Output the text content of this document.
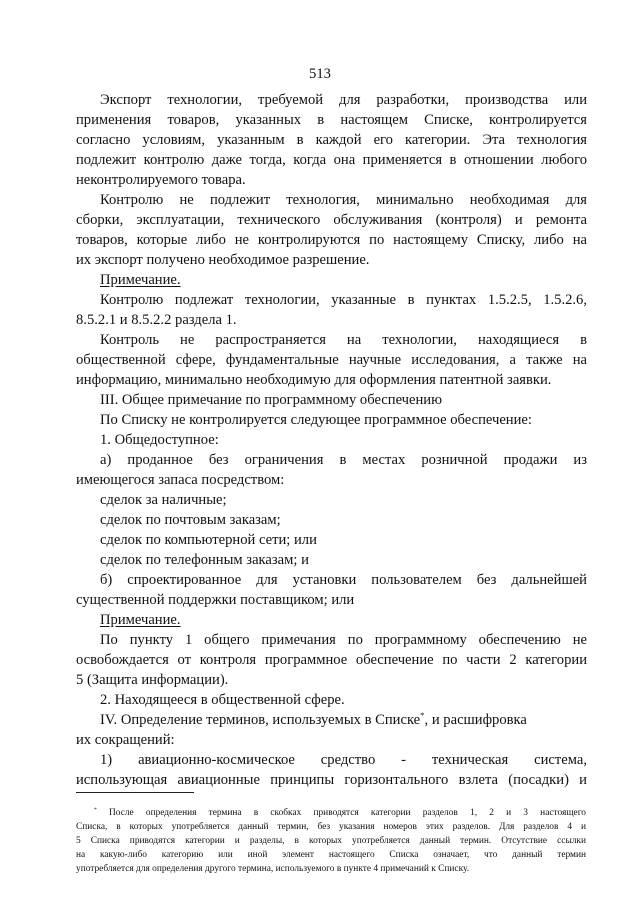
513
Экспорт технологии, требуемой для разработки, производства или
применения товаров, указанных в настоящем Списке, контролируется
согласно условиям, указанным в каждой его категории. Эта технология
подлежит контролю даже тогда, когда она применяется в отношении любого
неконтролируемого товара.
Контролю не подлежит технология, минимально необходимая для
сборки, эксплуатации, технического обслуживания (контроля) и ремонта
товаров, которые либо не контролируются по настоящему Списку, либо на
их экспорт получено необходимое разрешение.
Примечание.
Контролю подлежат технологии, указанные в пунктах 1.5.2.5, 1.5.2.6,
8.5.2.1 и 8.5.2.2 раздела 1.
Контроль не распространяется на технологии, находящиеся в
общественной сфере, фундаментальные научные исследования, а также на
информацию, минимально необходимую для оформления патентной заявки.
III. Общее примечание по программному обеспечению
По Списку не контролируется следующее программное обеспечение:
1. Общедоступное:
а) проданное без ограничения в местах розничной продажи из
имеющегося запаса посредством:
сделок за наличные;
сделок по почтовым заказам;
сделок по компьютерной сети; или
сделок по телефонным заказам; и
б) спроектированное для установки пользователем без дальнейшей
существенной поддержки поставщиком; или
Примечание.
По пункту 1 общего примечания по программному обеспечению не
освобождается от контроля программное обеспечение по части 2 категории
5 (Защита информации).
2. Находящееся в общественной сфере.
IV. Определение терминов, используемых в Списке*, и расшифровка
их сокращений:
1) авиационно-космическое средство - техническая система,
использующая авиационные принципы горизонтального взлета (посадки) и
* После определения термина в скобках приводятся категории разделов 1, 2 и 3 настоящего
Списка, в которых употребляется данный термин, без указания номеров этих разделов. Для разделов 4 и
5 Списка приводятся категории и разделы, в которых употребляется данный термин. Отсутствие ссылки
на какую-либо категорию или иной элемент настоящего Списка означает, что данный термин
употребляется для определения другого термина, используемого в пункте 4 примечаний к Списку.
